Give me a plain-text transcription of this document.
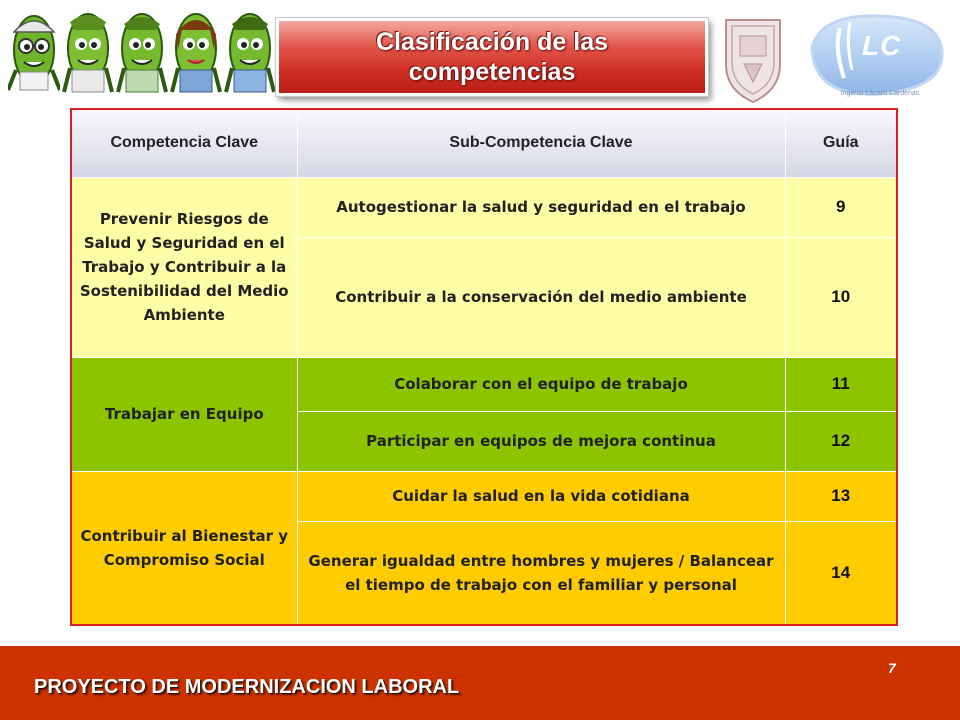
Clasificación de las
competencias
LC
Ingenio Lázaro Cárdenas
Competencia Clave	Sub-Competencia Clave	Guía
Prevenir Riesgos de Salud y Seguridad en el Trabajo y Contribuir a la Sostenibilidad del Medio Ambiente	Autogestionar la salud y seguridad en el trabajo	9
	Contribuir a la conservación del medio ambiente	10
Trabajar en Equipo	Colaborar con el equipo de trabajo	11
	Participar en equipos de mejora continua	12
Contribuir al Bienestar y Compromiso Social	Cuidar la salud en la vida cotidiana	13
	Generar igualdad entre hombres y mujeres / Balancear el tiempo de trabajo con el familiar y personal	14
7
PROYECTO DE MODERNIZACION LABORAL
